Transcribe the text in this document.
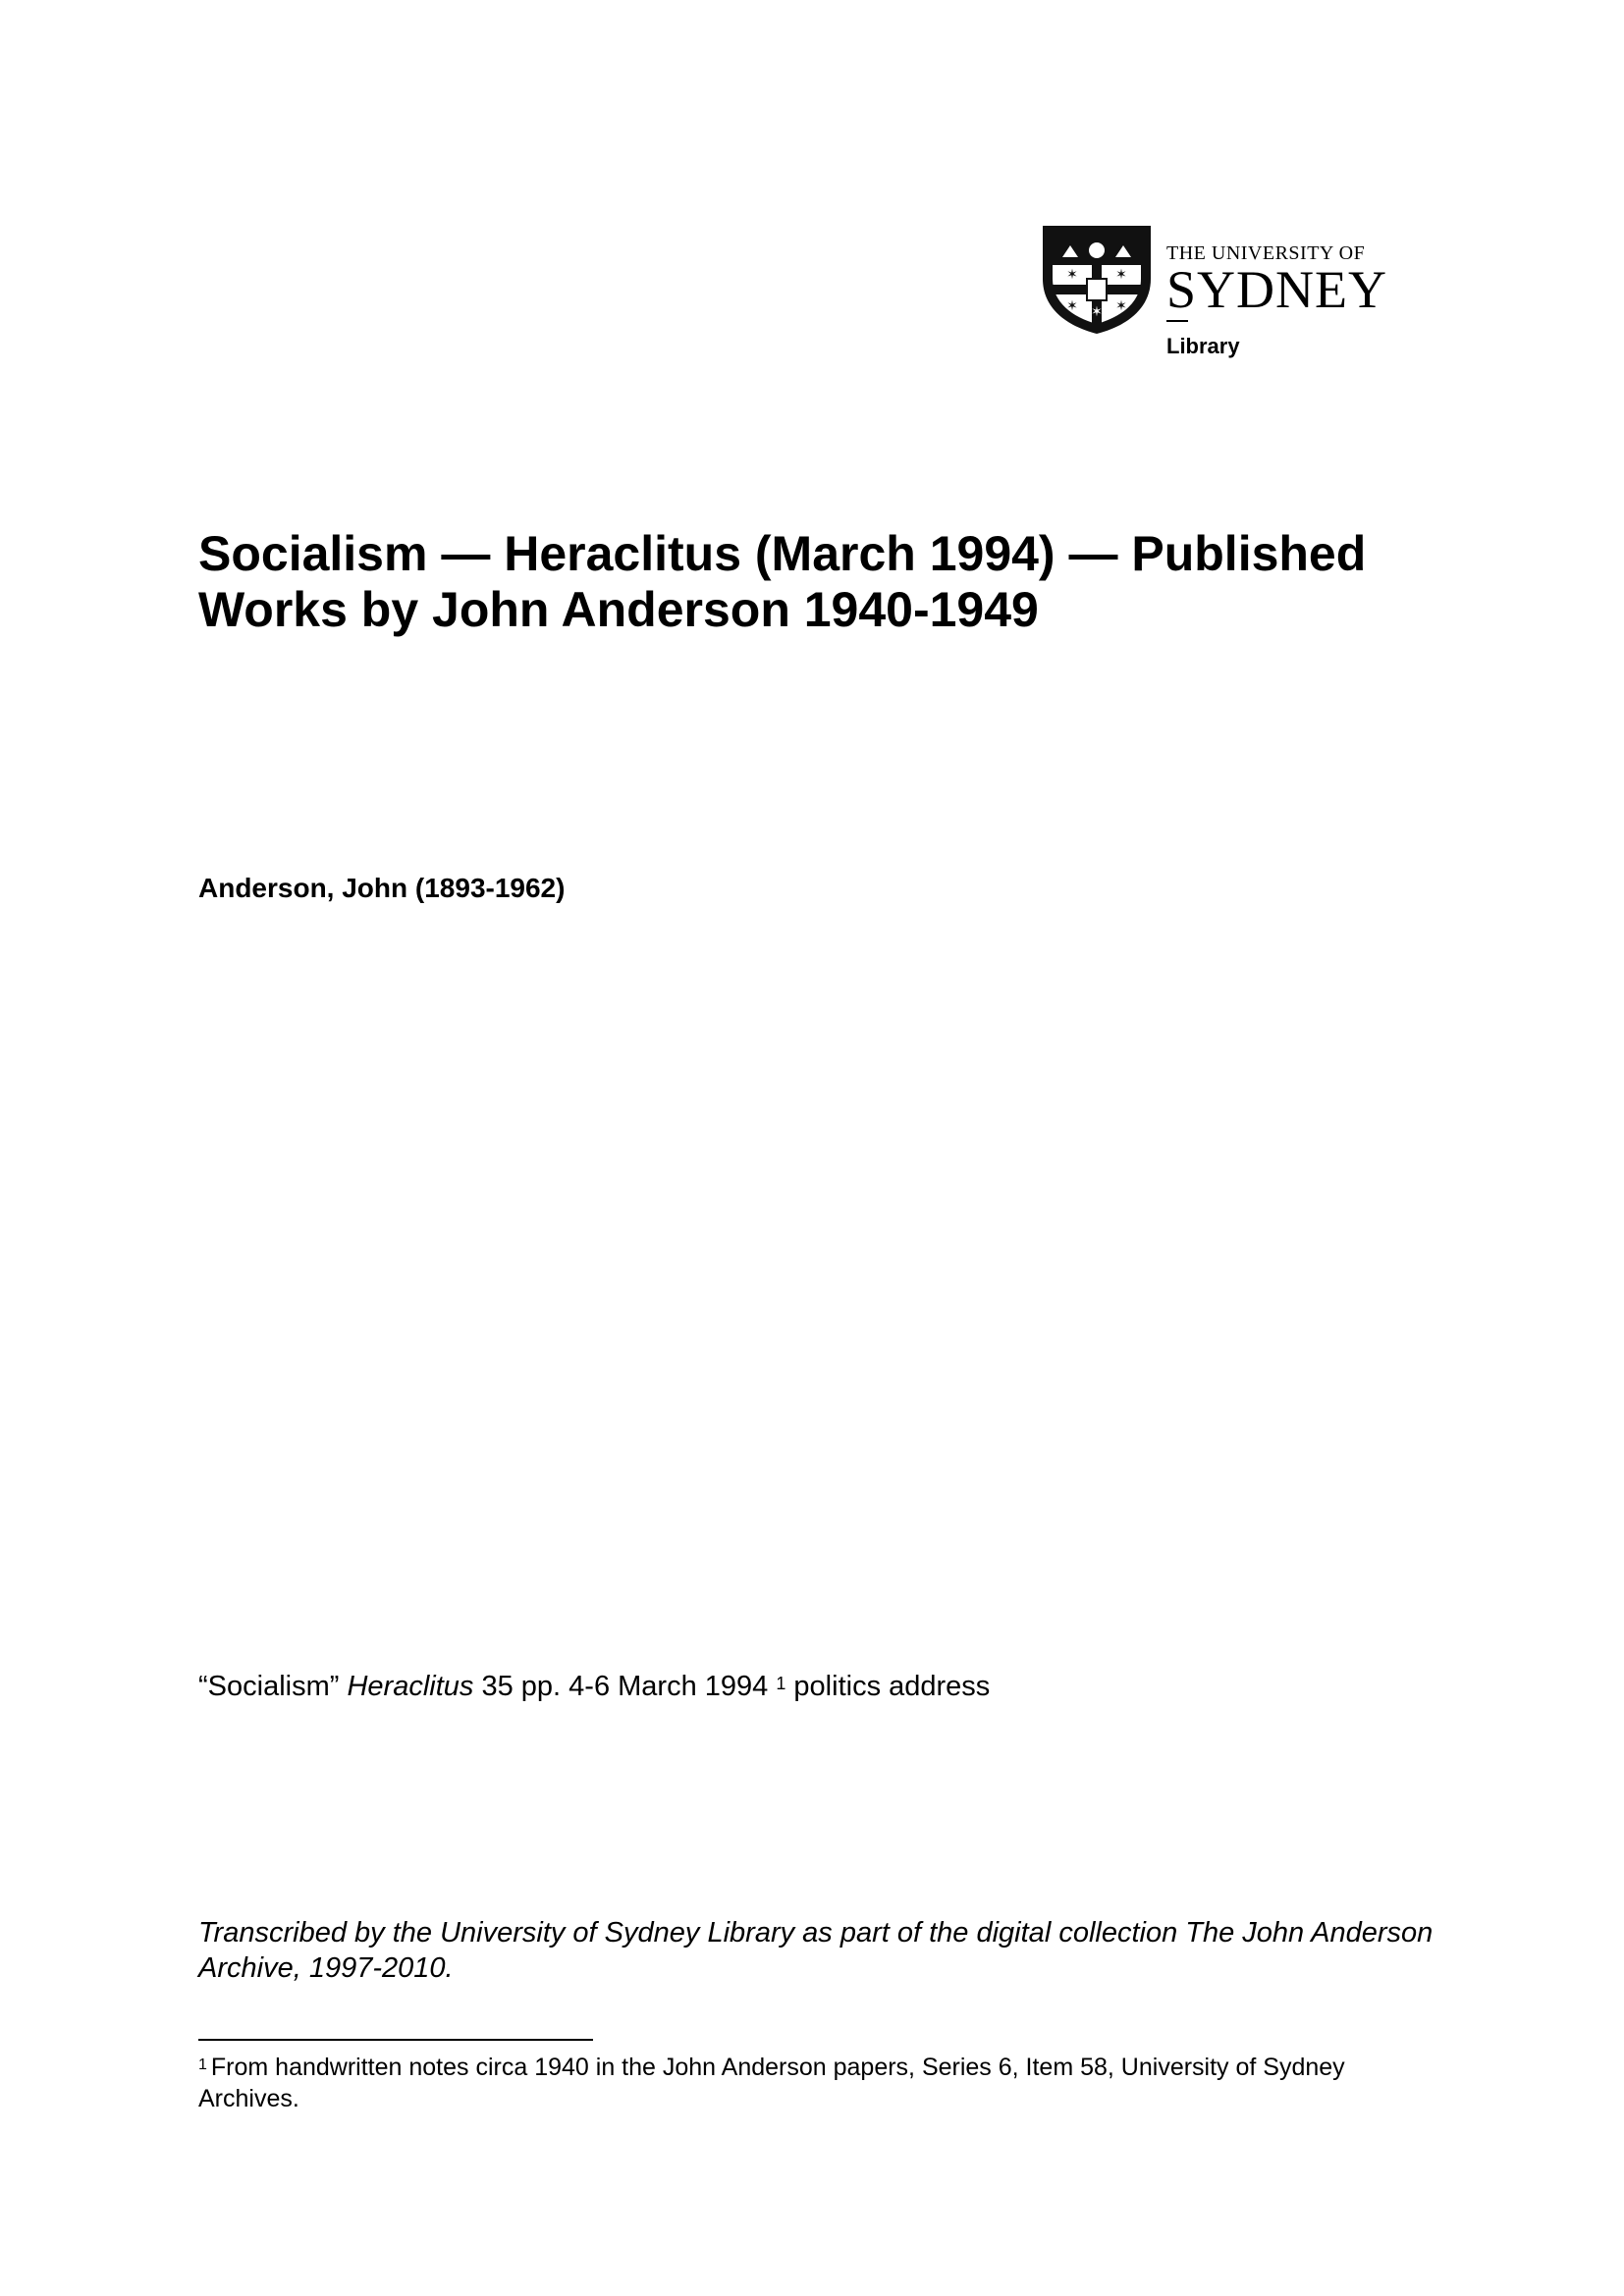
✶	✶
✶
✶	✶
THE UNIVERSITY OF
SYDNEY
Library
Socialism — Heraclitus (March 1994) — Published Works by John Anderson 1940-1949

Anderson, John (1893-1962)

“Socialism” Heraclitus 35 pp. 4-6 March 1994 $^1$ politics address

Transcribed by the University of Sydney Library as part of the digital collection The John Anderson Archive, 1997-2010.

$^1$ From handwritten notes circa 1940 in the John Anderson papers, Series 6, Item 58, University of Sydney Archives.
